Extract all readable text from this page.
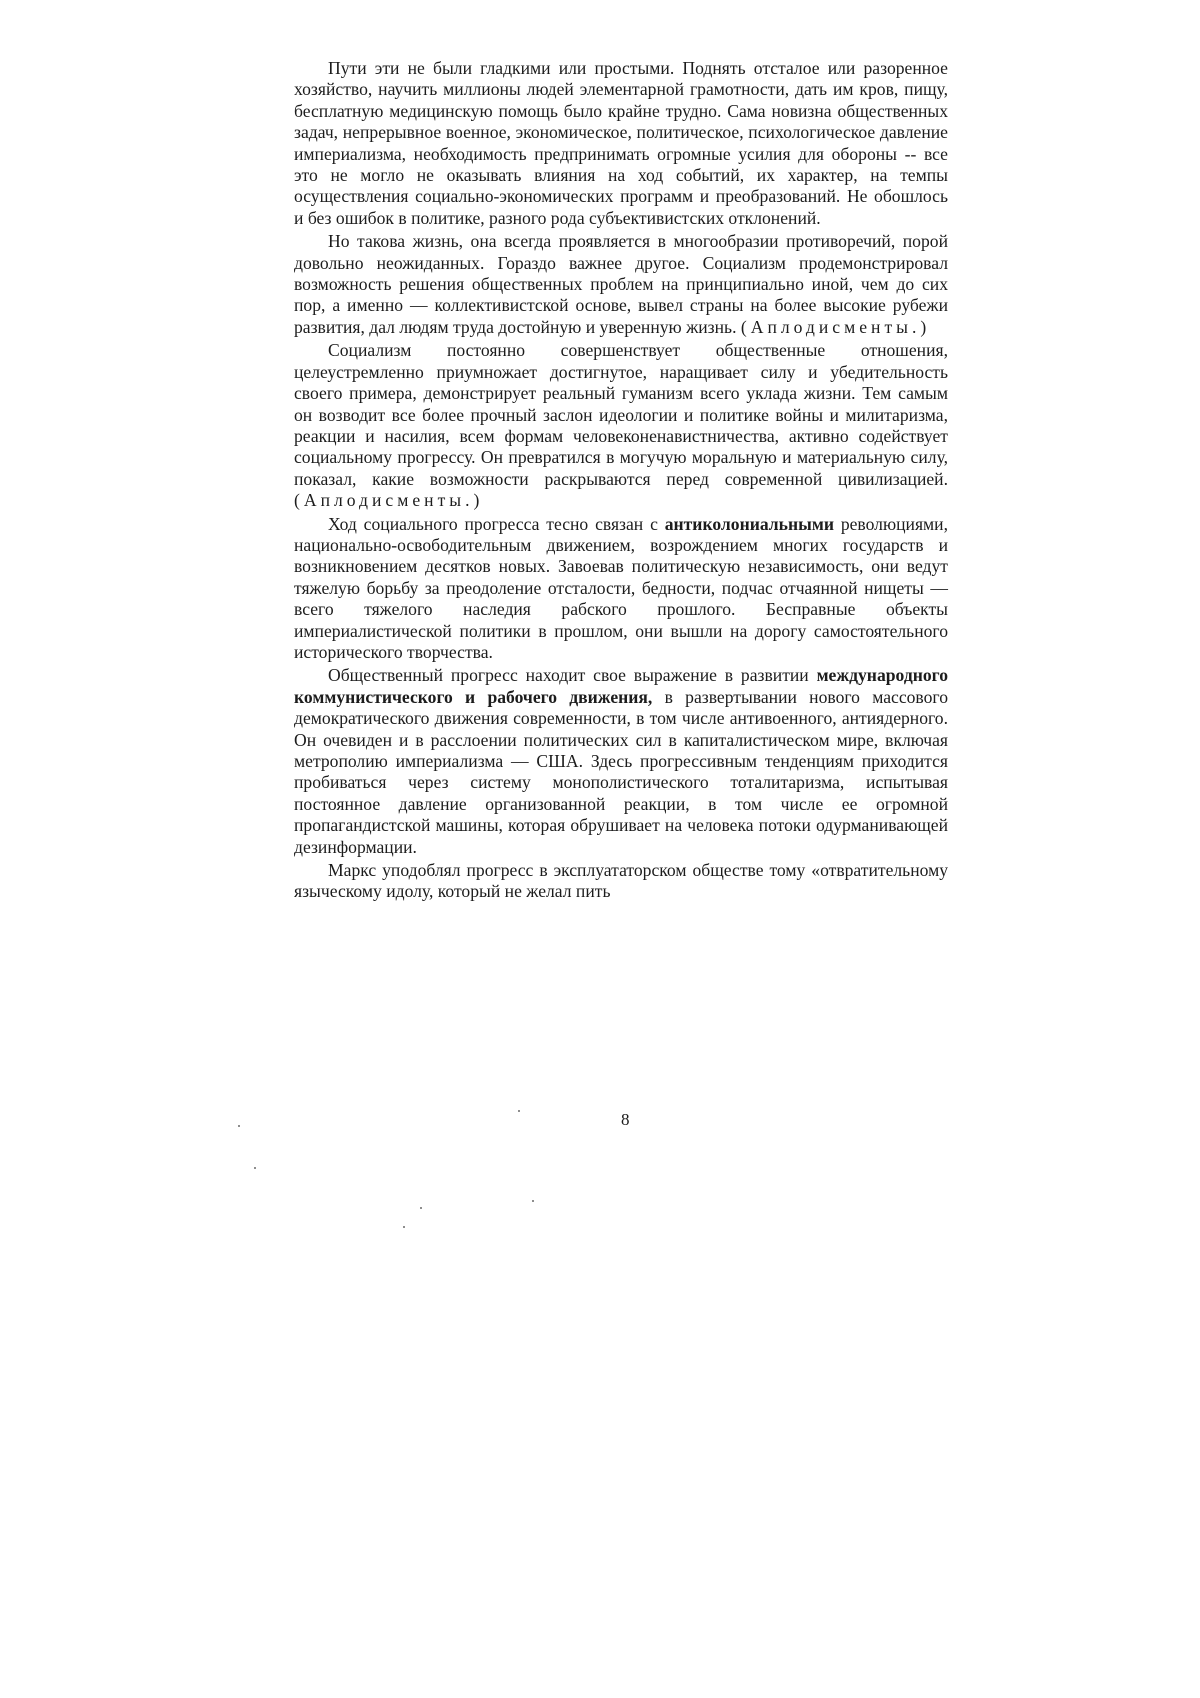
Пути эти не были гладкими или простыми. Поднять отсталое или разоренное хозяйство, научить миллионы людей элементарной грамотности, дать им кров, пищу, бесплатную медицинскую помощь было крайне трудно. Сама новизна общественных задач, непрерывное военное, экономическое, политическое, психологическое давление империализма, необходимость предпринимать огромные усилия для обороны -- все это не могло не оказывать влияния на ход событий, их характер, на темпы осуществления социально-экономических программ и преобразований. Не обошлось и без ошибок в политике, разного рода субъективистских отклонений.

Но такова жизнь, она всегда проявляется в многообразии противоречий, порой довольно неожиданных. Гораздо важнее другое. Социализм продемонстрировал возможность решения общественных проблем на принципиально иной, чем до сих пор, а именно — коллективистской основе, вывел страны на более высокие рубежи развития, дал людям труда достойную и уверенную жизнь. (Аплодисменты.)

Социализм постоянно совершенствует общественные отношения, целеустремленно приумножает достигнутое, наращивает силу и убедительность своего примера, демонстрирует реальный гуманизм всего уклада жизни. Тем самым он возводит все более прочный заслон идеологии и политике войны и милитаризма, реакции и насилия, всем формам человеконенавистничества, активно содействует социальному прогрессу. Он превратился в могучую моральную и материальную силу, показал, какие возможности раскрываются перед современной цивилизацией. (Аплодисменты.)

Ход социального прогресса тесно связан с антиколониальными революциями, национально-освободительным движением, возрождением многих государств и возникновением десятков новых. Завоевав политическую независимость, они ведут тяжелую борьбу за преодоление отсталости, бедности, подчас отчаянной нищеты — всего тяжелого наследия рабского прошлого. Бесправные объекты империалистической политики в прошлом, они вышли на дорогу самостоятельного исторического творчества.

Общественный прогресс находит свое выражение в развитии международного коммунистического и рабочего движения, в развертывании нового массового демократического движения современности, в том числе антивоенного, антиядерного. Он очевиден и в расслоении политических сил в капиталистическом мире, включая метрополию империализма — США. Здесь прогрессивным тенденциям приходится пробиваться через систему монополистического тоталитаризма, испытывая постоянное давление организованной реакции, в том числе ее огромной пропагандистской машины, которая обрушивает на человека потоки одурманивающей дезинформации.

Маркс уподоблял прогресс в эксплуататорском обществе тому «отвратительному языческому идолу, который не желал пить

8
